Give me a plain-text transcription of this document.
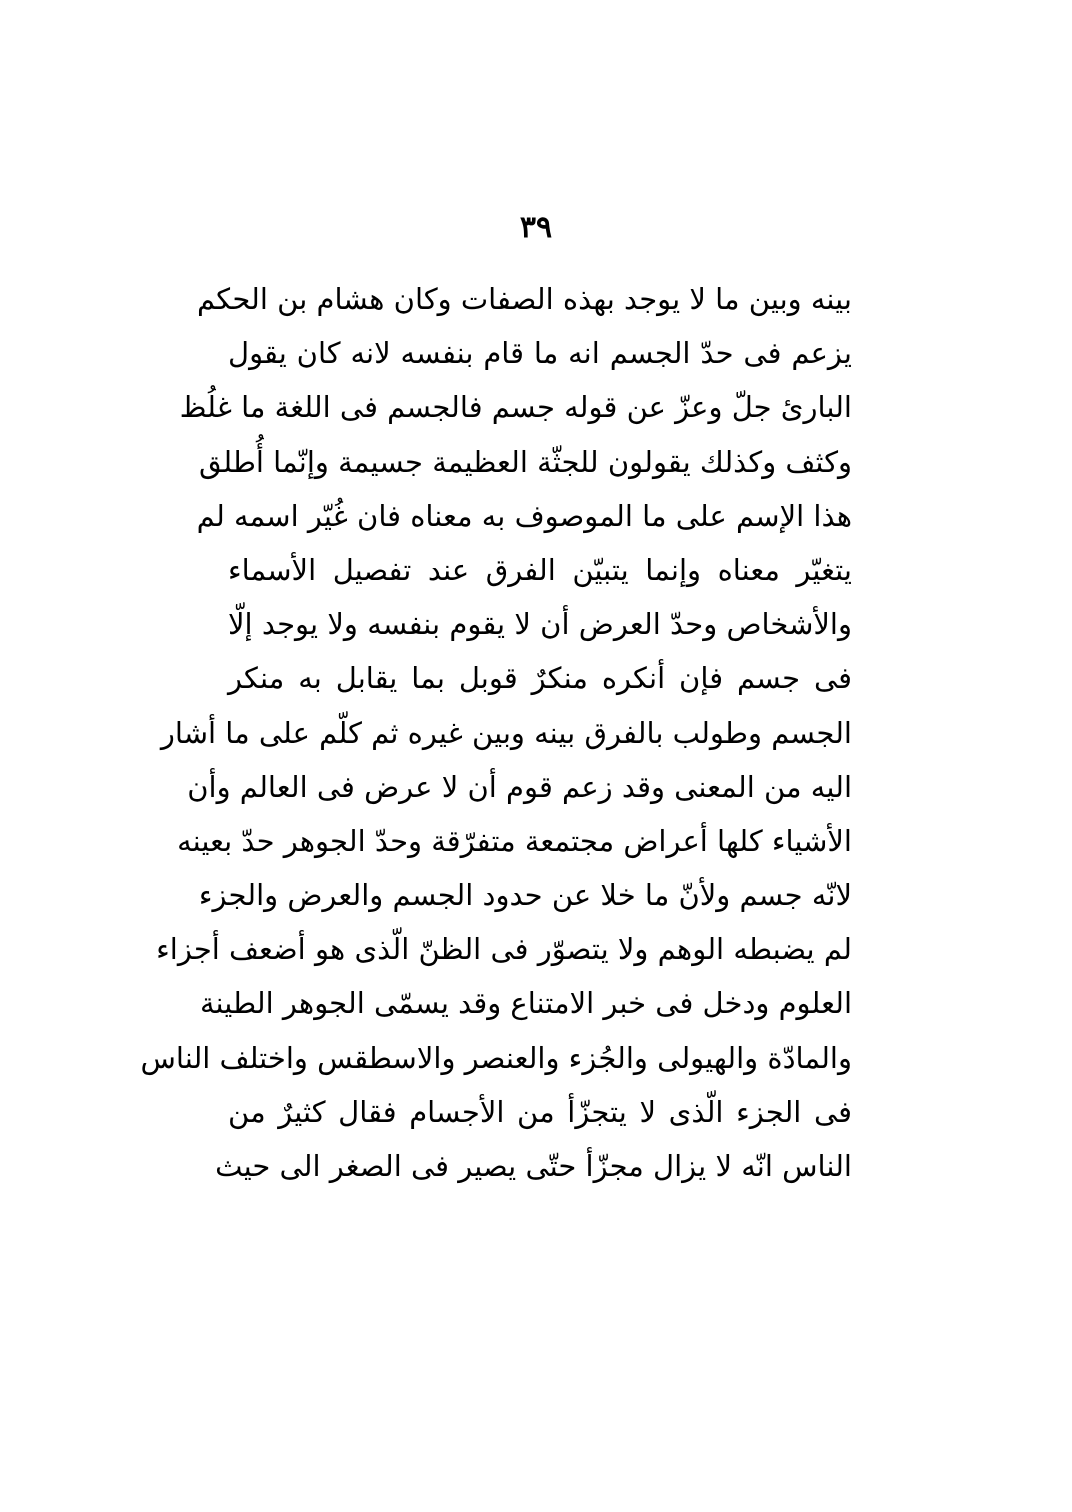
٣٩
بينه وبين ما لا يوجد بهذه الصفات وكان هشام بن الحكم
يزعم فى حدّ الجسم انه ما قام بنفسه لانه كان يقول
البارئ جلّ وعزّ عن قوله جسم فالجسم فى اللغة ما غلُظ
وكثف وكذلك يقولون للجثّة العظيمة جسيمة وإنّما أُطلق
هذا الإسم على ما الموصوف به معناه فان غُيّر اسمه لم
يتغيّر معناه وإنما يتبيّن الفرق عند تفصيل الأسماء
والأشخاص وحدّ العرض أن لا يقوم بنفسه ولا يوجد إلّا
فى جسم فإن أنكره منكرٌ قوبل بما يقابل به منكر
الجسم وطولب بالفرق بينه وبين غيره ثم كلّم على ما أشار
اليه من المعنى وقد زعم قوم أن لا عرض فى العالم وأن
الأشياء كلها أعراض مجتمعة متفرّقة وحدّ الجوهر حدّ بعينه
لانّه جسم ولأنّ ما خلا عن حدود الجسم والعرض والجزء
لم يضبطه الوهم ولا يتصوّر فى الظنّ الّذى هو أضعف أجزاء
العلوم ودخل فى خبر الامتناع وقد يسمّى الجوهر الطينة
والمادّة والهيولى والجُزء والعنصر والاسطقس واختلف الناس
فى الجزء الّذى لا يتجزّأ من الأجسام فقال كثيرٌ من
الناس انّه لا يزال مجزّأ حتّى يصير فى الصغر الى حيث
